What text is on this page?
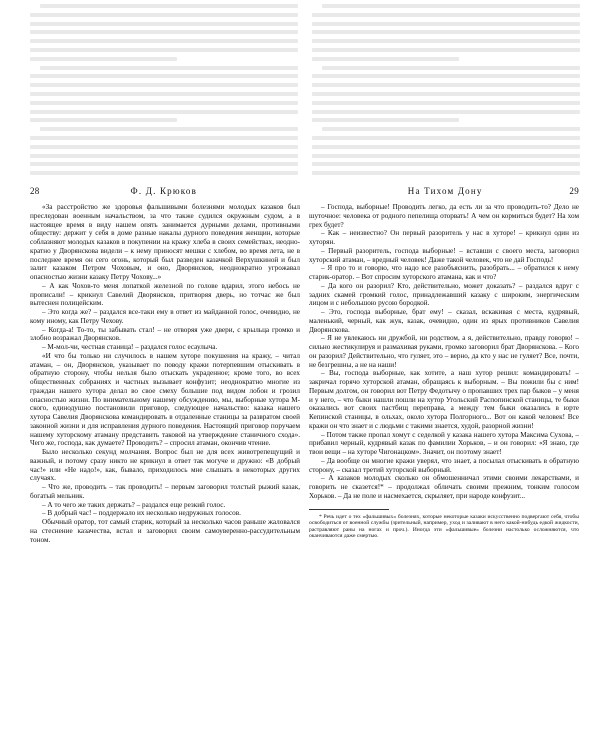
28	Ф. Д. Крюков

«За расстройство же здоровья фальшивыми болезнями молодых казаков был преследован военным начальством, за что также судился окружным судом, а в настоящее время в виду нашем опять занимается дурными делами, противными обществу: держит у себя в доме разные накалы дурного поведения женщин, которые соблазняют молодых казаков в покупении на кражу хлеба в своих семействах, неоднократно у Дворянскова видели – к нему приносят мешки с хлебом, во время лета, не в последнее время он сего огонь, который был разведен казачкой Верхушкиной и был залит казаком Петром Чоховым, и оно, Дворянсков, неоднократно угрожавал опасностью жизни казаку Петру Чохову...»

– А как Чохов-то меня лопаткой железной по голове вдарил, этого небось не прописали! – крикнул Савелий Дворянсков, притворяя дверь, но тотчас же был вытеснен полицейским.

– Это когда же? – раздался все-таки ему в ответ из майданной голос, очевидно, не кому иному, как Петру Чехову.

– Когда-а! То-то, ты забывать стал! – не отворяя уже двери, с крыльца громко и злобно возражал Дворянсков.

– М-мол-чи, честная станица! – раздался голос есаулыча.

«И что бы только ни случилось в нашем хуторе покушения на кражу, – читал атаман, – он, Дворянсков, указывает по поводу кражи потерпевшим отыскивать в обратную сторону, чтобы нельзя было отыскать украденное; кроме того, во всех общественных собраниях и частных вызывает конфузит; неоднократно многие из граждан нашего хутора делал во свое смеху большие под видом лобон и грозил опасностью жизни. По внимательному нашему обсуждению, мы, выборные хутора М-ского, единодушно постановили приговор, следующее начальство: казака нашего хутора Савелия Дворянскова командировать в отдаленные станицы за развратом своей законной жизни и для исправления дурного поведения. Настоящий приговор поручаем нашему хуторскому атаману представить таковой на утверждение станичного схода». Чего же, господа, как думаете? Проводить? – спросил атаман, окончив чтение.

Было несколько секунд молчания. Вопрос был не для всех животрепещущий и важный, и потому сразу никто не крикнул в ответ так могуче и дружно: «В добрый час!» или «Не надо!», как, бывало, приходилось мне слышать в некоторых других случаях.

– Что же, проводить – так проводить! – первым заговорил толстый рыжий казак, богатый мельник.

– А то чего же таких держать? – раздался еще резкий голос.

– В добрый час! – поддержало их несколько недружных голосов.

Обычный оратор, тот самый старик, который за несколько часов раньше жаловался на стеснение казачества, встал и заговорил своим самоуверенно-рассудительным тоном.

На Тихом Дону	29

– Господа, выборные! Проводить легко, да есть ли за что проводить-то? Дело не шуточное: человека от родного пепелища оторвать! А чем он кормиться будет? На хом грех будет?

– Как – неизвестно? Он первый разоритель у нас в хуторе! – крикнул один из хуторян.

– Первый разоритель, господа выборные! – вставши с своего места, заговорил хуторский атаман, – вредный человек! Даже такой человек, что не дай Господь!

– Я про то и говорю, что надо все разобъяснить, разобрать... – обратился к нему старик-оратор. – Вот спросим хуторского атамана, как и что?

– Да кого он разорил? Кто, действительно, может доказать? – раздался вдруг с задних скамей громкий голос, принадлежавший казаку с широким, энергическим лицом и с небольшою русою бородкой.

– Это, господа выборные, брат ему! – сказал, вскакивая с места, кудрявый, маленький, черный, как жук, казак, очевидно, один из ярых противников Савелия Дворянскова.

– Я не увлекаюсь ни дружбой, ни родством, а я, действительно, правду говорю! – сильно жестикулируя и размахивая руками, громко заговорил брат Дворянскова. – Кого он разорил? Действительно, что гуляет, это – верно, да кто у нас не гуляет? Все, почти, не безгрешны, а не на наши!

– Вы, господа выборные, как хотите, а наш хутор решил: командировать! – закричал горячо хуторской атаман, обращаясь к выборным. – Вы пожили бы с ним! Первым долгом, он говорил вот Петру Федотычу о пропавших трех пар быков – у меня и у него, – что быки нашли пошли на хутор Угольский Распопинской станицы, те быки оказались вот своих пастбищ переправа, а между тем быки оказались в юрте Кепинской станицы, в ольхах, около хутора Полгорного... Вот он какой человек! Все кражи он что знает и с людьми с такими знается, худой, разорной жизни!

– Потом также пропал хомут с седелкой у казака нашего хутора Максима Сухова, – прибавил черный, кудрявый казак по фамилии Хорьков, – и он говорил: «Я знаю, где твои вещи – на хуторе Чигонацком». Значит, он поэтому знает!

– Да вообще он многие кражи уверял, что знает, а посылал отыскивать в обратную сторону, – сказал третий хуторской выборный.

– А казаков молодых сколько он обмошенничал этими своими лекарствами, и говорить не сказется!* – продолжал обличать своими прежним, тонким голосом Хорьков. – Да не поле и насмехается, скрыляет, при народе конфузит...

* Речь идет о тех «фальшивых» болезнях, которые некоторые казаки искусственно подвергают себя, чтобы освободиться от военной службы (зрительный, например, уход и заливают в него какой-нибудь едкой жидкости, растравляют раны на ногах и проч.). Иногда эти «фальшивые» болезни настолько осложняются, что оканчиваются даже смертью.
